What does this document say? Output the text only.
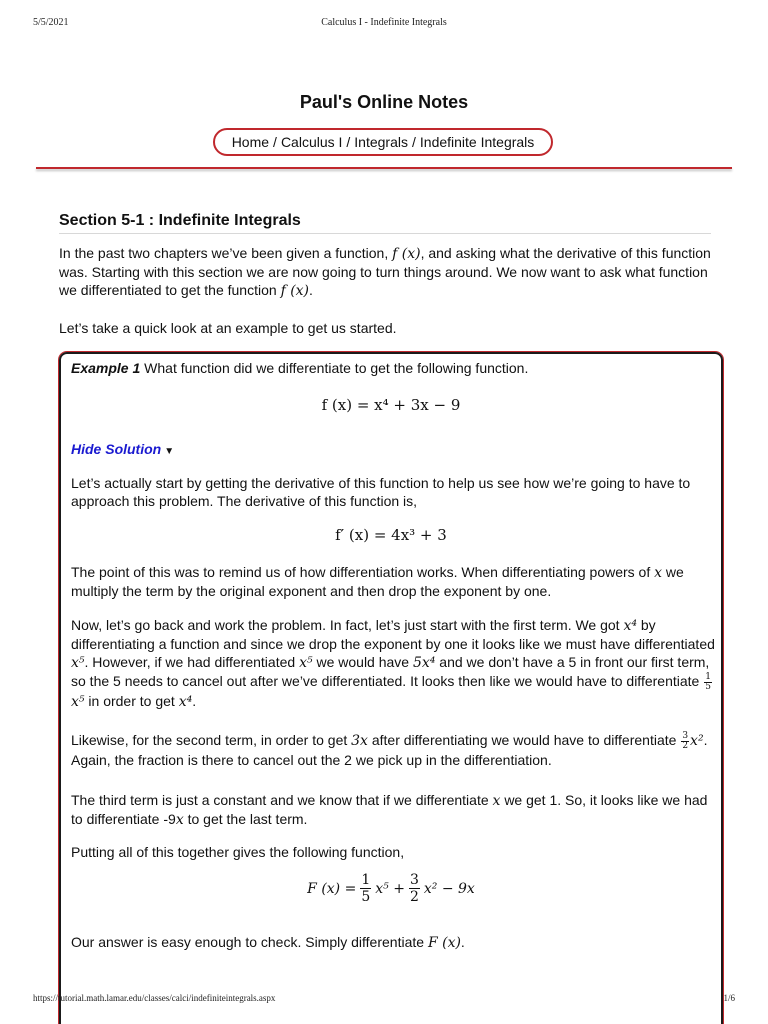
5/5/2021	Calculus I - Indefinite Integrals
Paul's Online Notes
Home / Calculus I / Integrals / Indefinite Integrals
Section 5-1 : Indefinite Integrals

In the past two chapters we’ve been given a function, f (x), and asking what the derivative of this function was. Starting with this section we are now going to turn things around. We now want to ask what function we differentiated to get the function f (x).

Let’s take a quick look at an example to get us started.

Example 1 What function did we differentiate to get the following function.

f (x) = x⁴ + 3x − 9
Hide Solution ▼

Let’s actually start by getting the derivative of this function to help us see how we’re going to have to approach this problem. The derivative of this function is,

f′ (x) = 4x³ + 3

The point of this was to remind us of how differentiation works. When differentiating powers of x we multiply the term by the original exponent and then drop the exponent by one.

Now, let’s go back and work the problem. In fact, let’s just start with the first term. We got x⁴ by differentiating a function and since we drop the exponent by one it looks like we must have differentiated x⁵. However, if we had differentiated x⁵ we would have 5x⁴ and we don’t have a 5 in front our first term, so the 5 needs to cancel out after we’ve differentiated. It looks then like we would have to differentiate $\frac{1}{5}$
x⁵ in order to get x⁴.

Likewise, for the second term, in order to get 3x after differentiating we would have to differentiate $\frac{3}{2} x^2$. Again, the fraction is there to cancel out the 2 we pick up in the differentiation.

The third term is just a constant and we know that if we differentiate x we get 1. So, it looks like we had to differentiate -9x to get the last term.

Putting all of this together gives the following function,

F $(x) = \frac{1}{5} x^5 + \frac{3}{2} x^2 - 9x$

Our answer is easy enough to check. Simply differentiate F (x).

https://tutorial.math.lamar.edu/classes/calci/indefiniteintegrals.aspx	1/6
